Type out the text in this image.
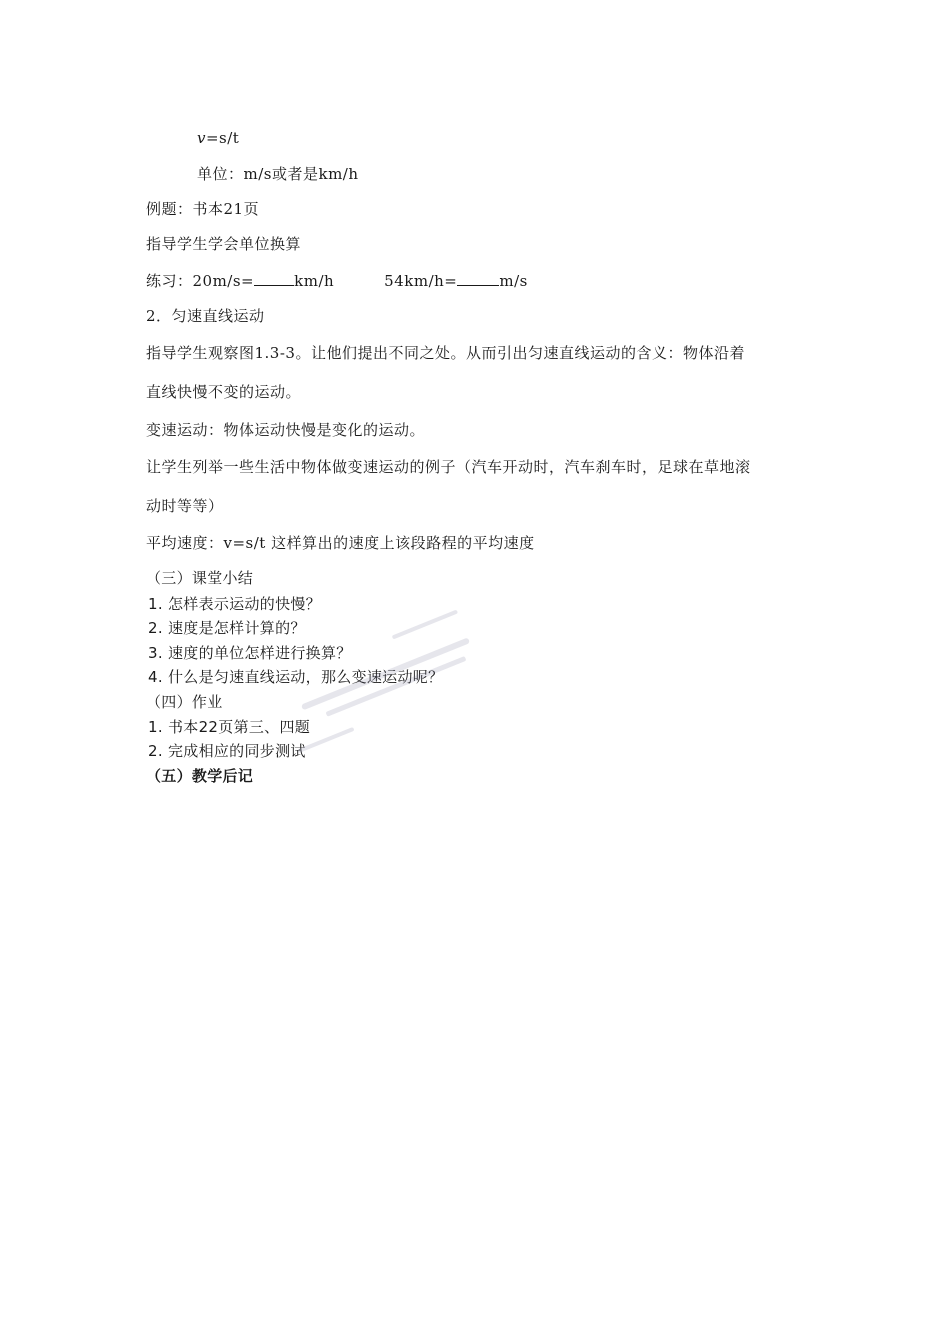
v=s/t
单位：m/s或者是km/h
例题：书本21页
指导学生学会单位换算
练习：20m/s=	km/h	54km/h=	m/s
2．匀速直线运动
指导学生观察图1.3-3。让他们提出不同之处。从而引出匀速直线运动的含义：物体沿着
直线快慢不变的运动。
变速运动：物体运动快慢是变化的运动。
让学生列举一些生活中物体做变速运动的例子（汽车开动时，汽车刹车时，足球在草地滚
动时等等）
平均速度：v=s/t 这样算出的速度上该段路程的平均速度
（三）课堂小结
1. 怎样表示运动的快慢？
2. 速度是怎样计算的？
3. 速度的单位怎样进行换算？
4. 什么是匀速直线运动，那么变速运动呢？
（四）作业
1. 书本22页第三、四题
2. 完成相应的同步测试
（五）教学后记
